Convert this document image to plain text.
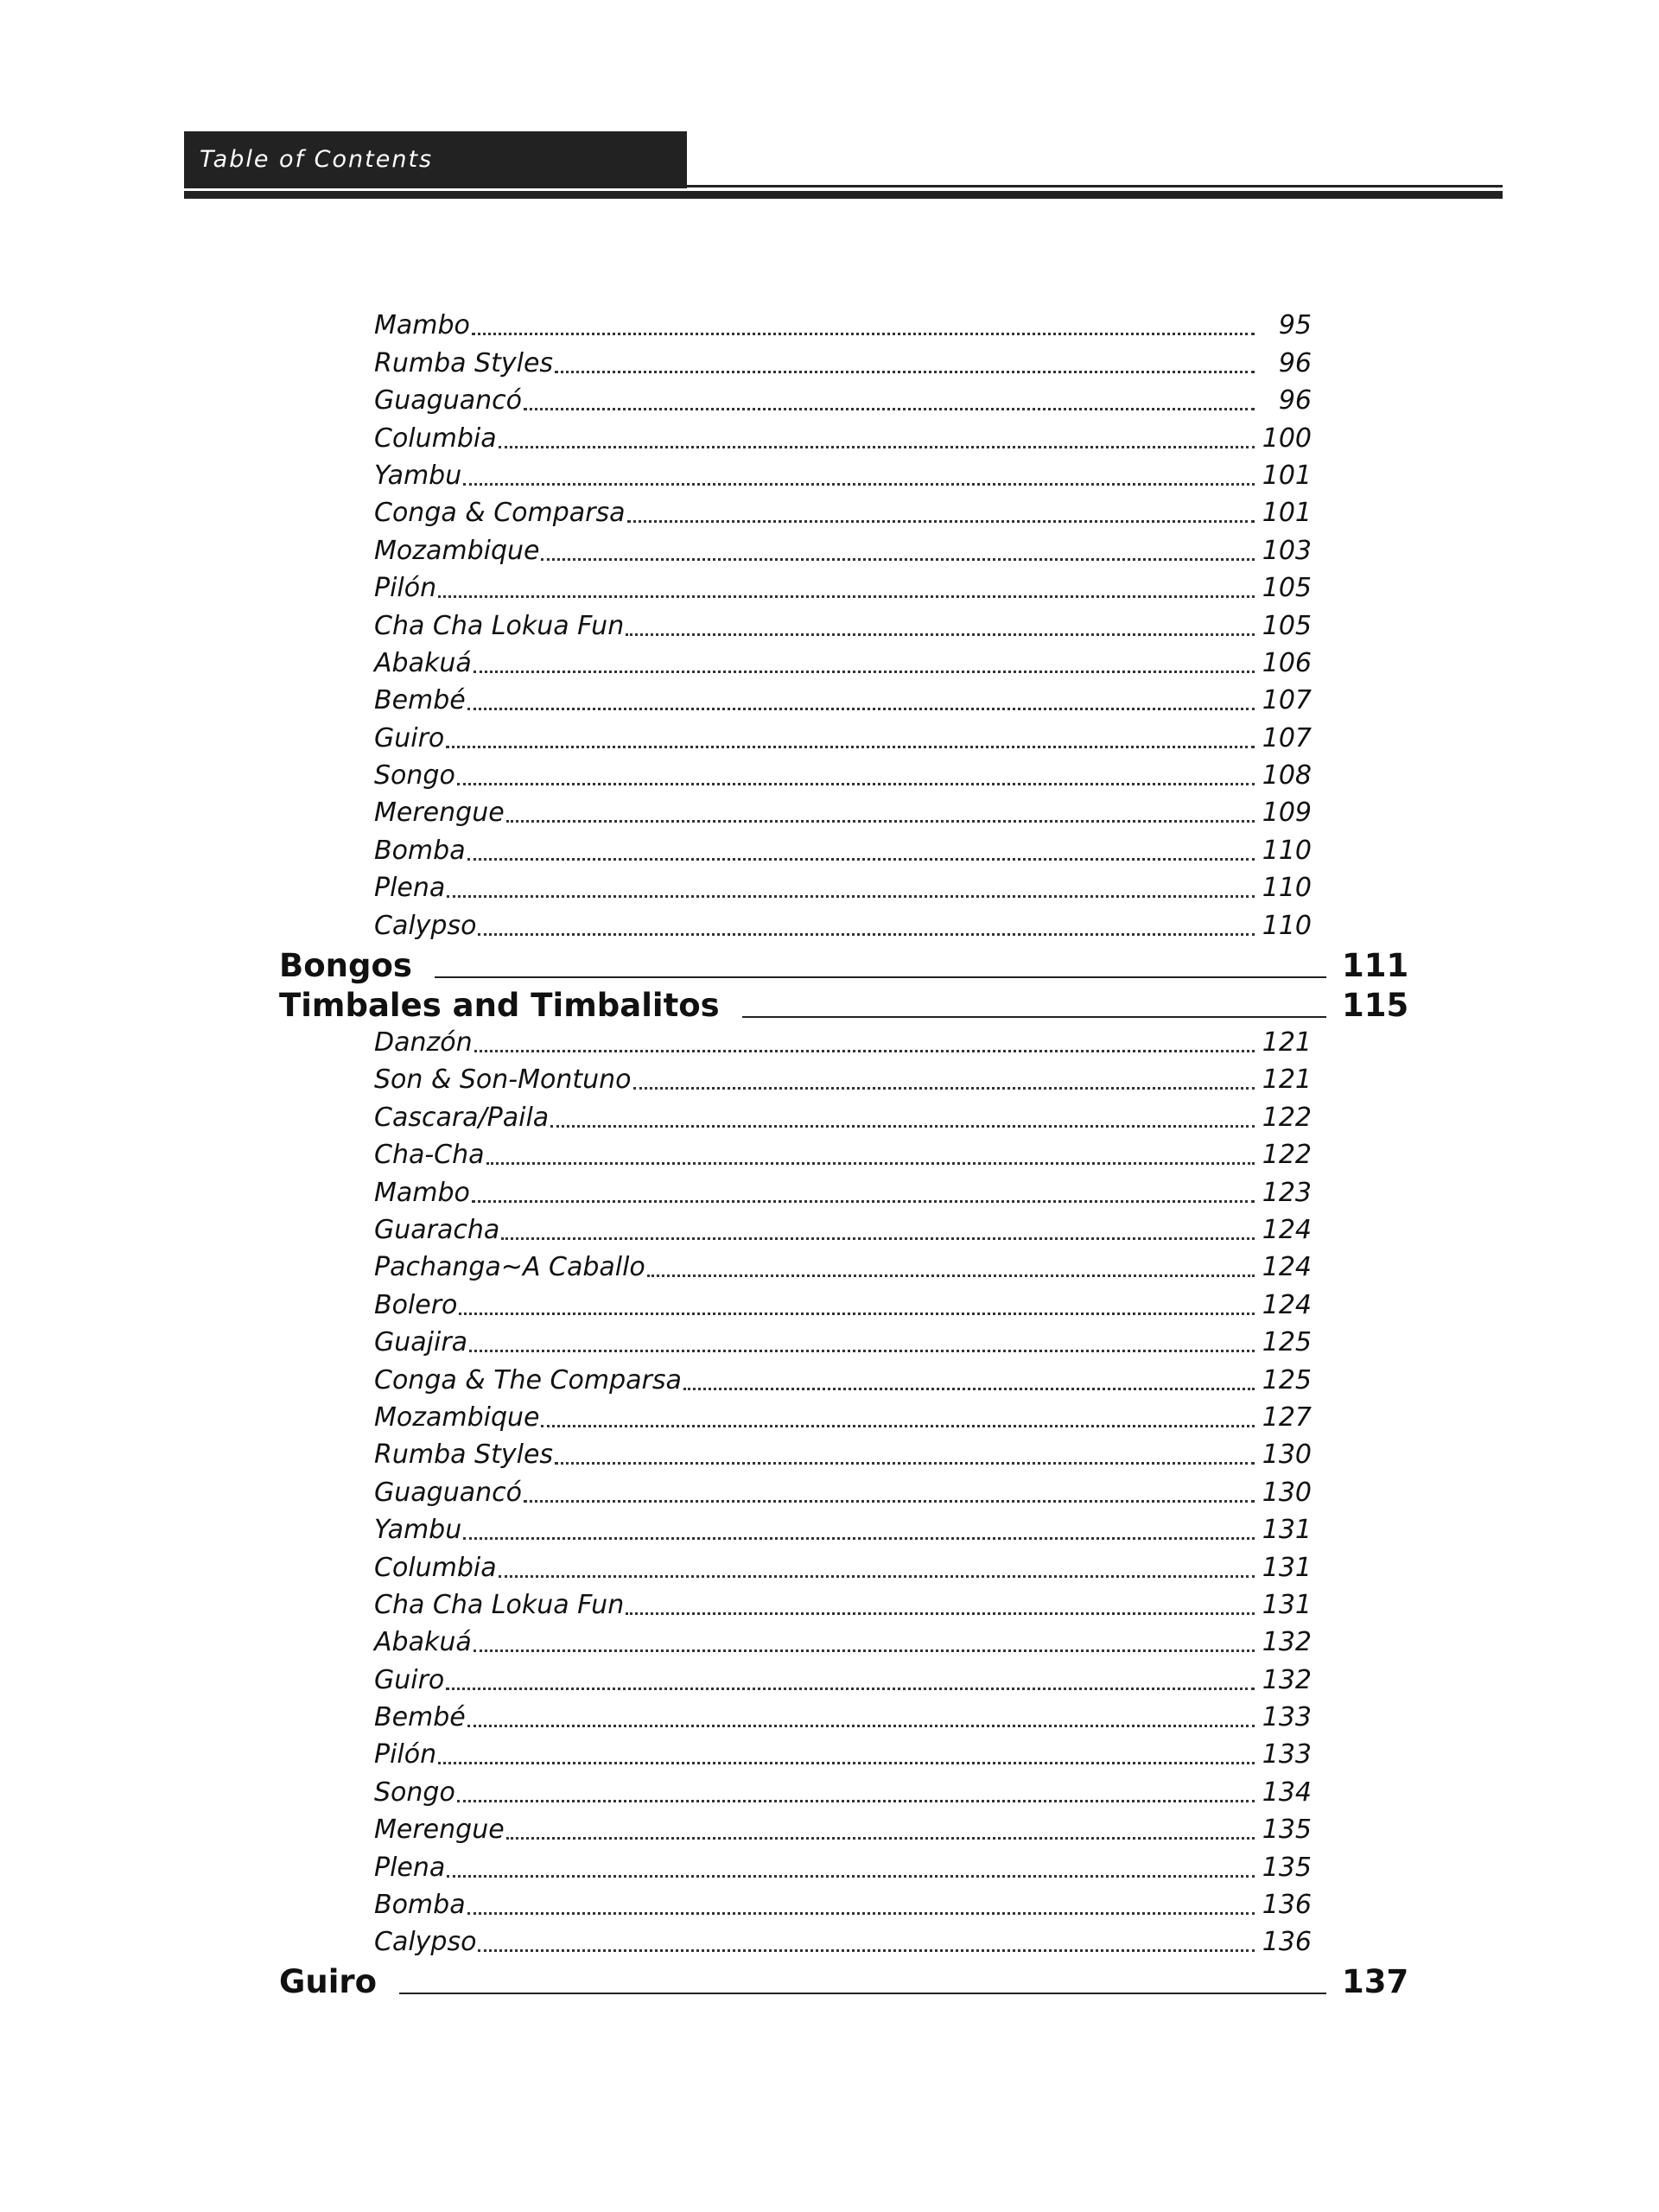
Table of Contents
Mambo	95
Rumba Styles	96
Guaguancó	96
Columbia	100
Yambu	101
Conga & Comparsa	101
Mozambique	103
Pilón	105
Cha Cha Lokua Fun	105
Abakuá	106
Bembé	107
Guiro	107
Songo	108
Merengue	109
Bomba	110
Plena	110
Calypso	110
Bongos	111
Timbales and Timbalitos	115
Danzón	121
Son & Son-Montuno	121
Cascara/Paila	122
Cha-Cha	122
Mambo	123
Guaracha	124
Pachanga~A Caballo	124
Bolero	124
Guajira	125
Conga & The Comparsa	125
Mozambique	127
Rumba Styles	130
Guaguancó	130
Yambu	131
Columbia	131
Cha Cha Lokua Fun	131
Abakuá	132
Guiro	132
Bembé	133
Pilón	133
Songo	134
Merengue	135
Plena	135
Bomba	136
Calypso	136
Guiro	137
